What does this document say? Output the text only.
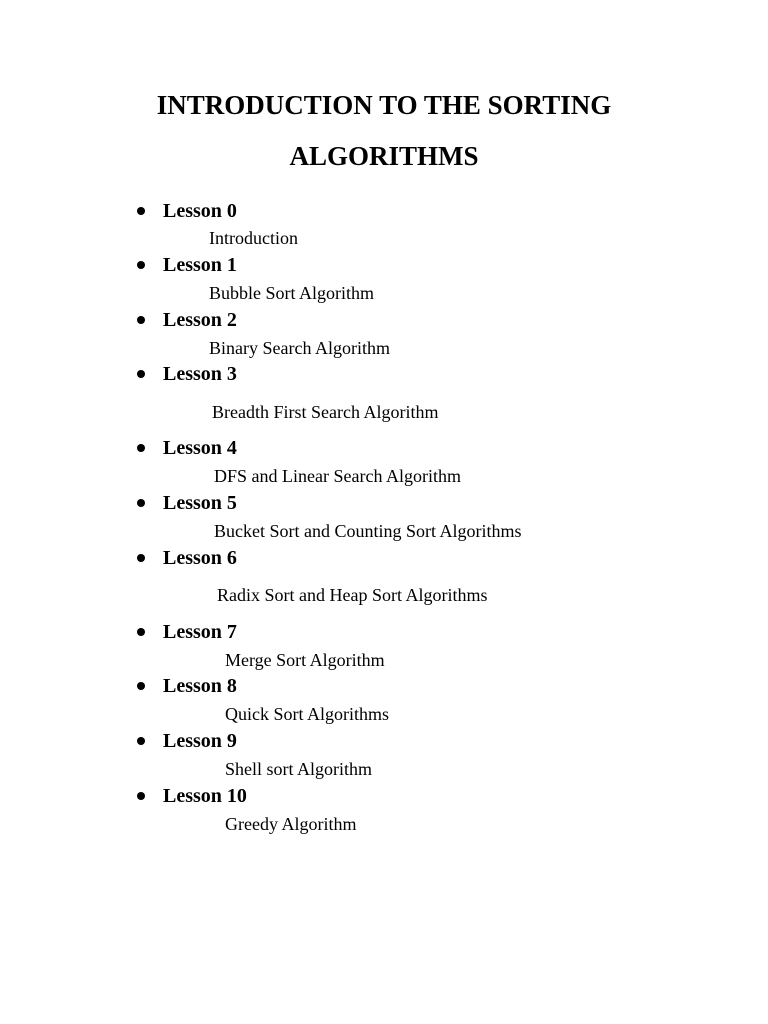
INTRODUCTION TO THE SORTING
ALGORITHMS
Lesson 0
Introduction
Lesson 1
Bubble Sort Algorithm
Lesson 2
Binary Search Algorithm
Lesson 3
Breadth First Search Algorithm
Lesson 4
DFS and Linear Search Algorithm
Lesson 5
Bucket Sort and Counting Sort Algorithms
Lesson 6
Radix Sort and Heap Sort Algorithms
Lesson 7
Merge Sort Algorithm
Lesson 8
Quick Sort Algorithms
Lesson 9
Shell sort Algorithm
Lesson 10
Greedy Algorithm
